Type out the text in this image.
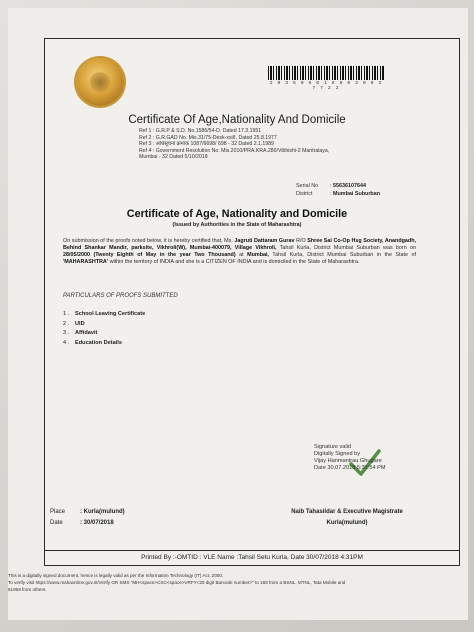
2 0 3 5 0 6 0 1 8 0 0 3 0 0 3 7 7 2 2
Certificate Of Age,Nationality And Domicile
Ref 1 : G.R.P & S.D. No.1586/54-D. Dated 17.3.1951
Ref 2 : G.R.GAD No. Mis.31/75-Desk-xxiII, Dated 25.8.1977
Ref 3 : अधिसूचना क्रमांक 1087/6698/ 698 - 32 Dated 2.1.1989
Ref 4 : Government Resolution No. Mis.2010/PRA.KRA.280/Vibhishi-2 Mantralaya,
Mumbai - 32 Dated 5/10/2018
Serial No : 55636107644
District	: Mumbai Suburban
Certificate of Age, Nationality and Domicile
(Issued by Authorities in the State of Maharashtra)
On submission of the proofs noted below, it is hereby certified that, Ms. Jagruti Dattaram Gurav R/O Shree Sai Co-Op Hsg Society, Anandgadh, Behind Shankar Mandir, parksite, Vikhroli(W), Mumbai-400079, Village Vikhroli, Tahsil Kurla, District Mumbai Suburban was born on 28/05/2000 (Twenty Eighth of May in the year Two Thousand) at Mumbai, Tahsil Kurla, District Mumbai Suburban in the State of 'MAHARASHTRA' within the territory of INDIA and she is a CITIZEN OF INDIA and is domiciled in the State of Maharashtra.
PARTICULARS OF PROOFS SUBMITTED
1 . School Leaving Certificate
2 . UID
3 . Affidavit
4 . Education Details
Signature valid
Digitally Signed by
Vijay Hanmantrau Ghugare
Date 30.07.2018 5:31:54 PM
Place : Kurla(mulund)
Date	: 30/07/2018
Naib Tahasildar & Executive Magistrate
Kurla(mulund)
Printed By :-OMTID : VLE Name :Tahsil Setu Kurla, Date 30/07/2018 4:31PM
This is a digitally signed document, hence is legally valid as per the Information Technology (IT) Act, 2000.
To verify visit https://www.mahaonline.gov.in/Verify OR SMS "MH<space>CSC<space>VRFY<20 digit Barcode number>" to 168 from a BSNL, MTNL, Tata Mobile and
51969 from others.
